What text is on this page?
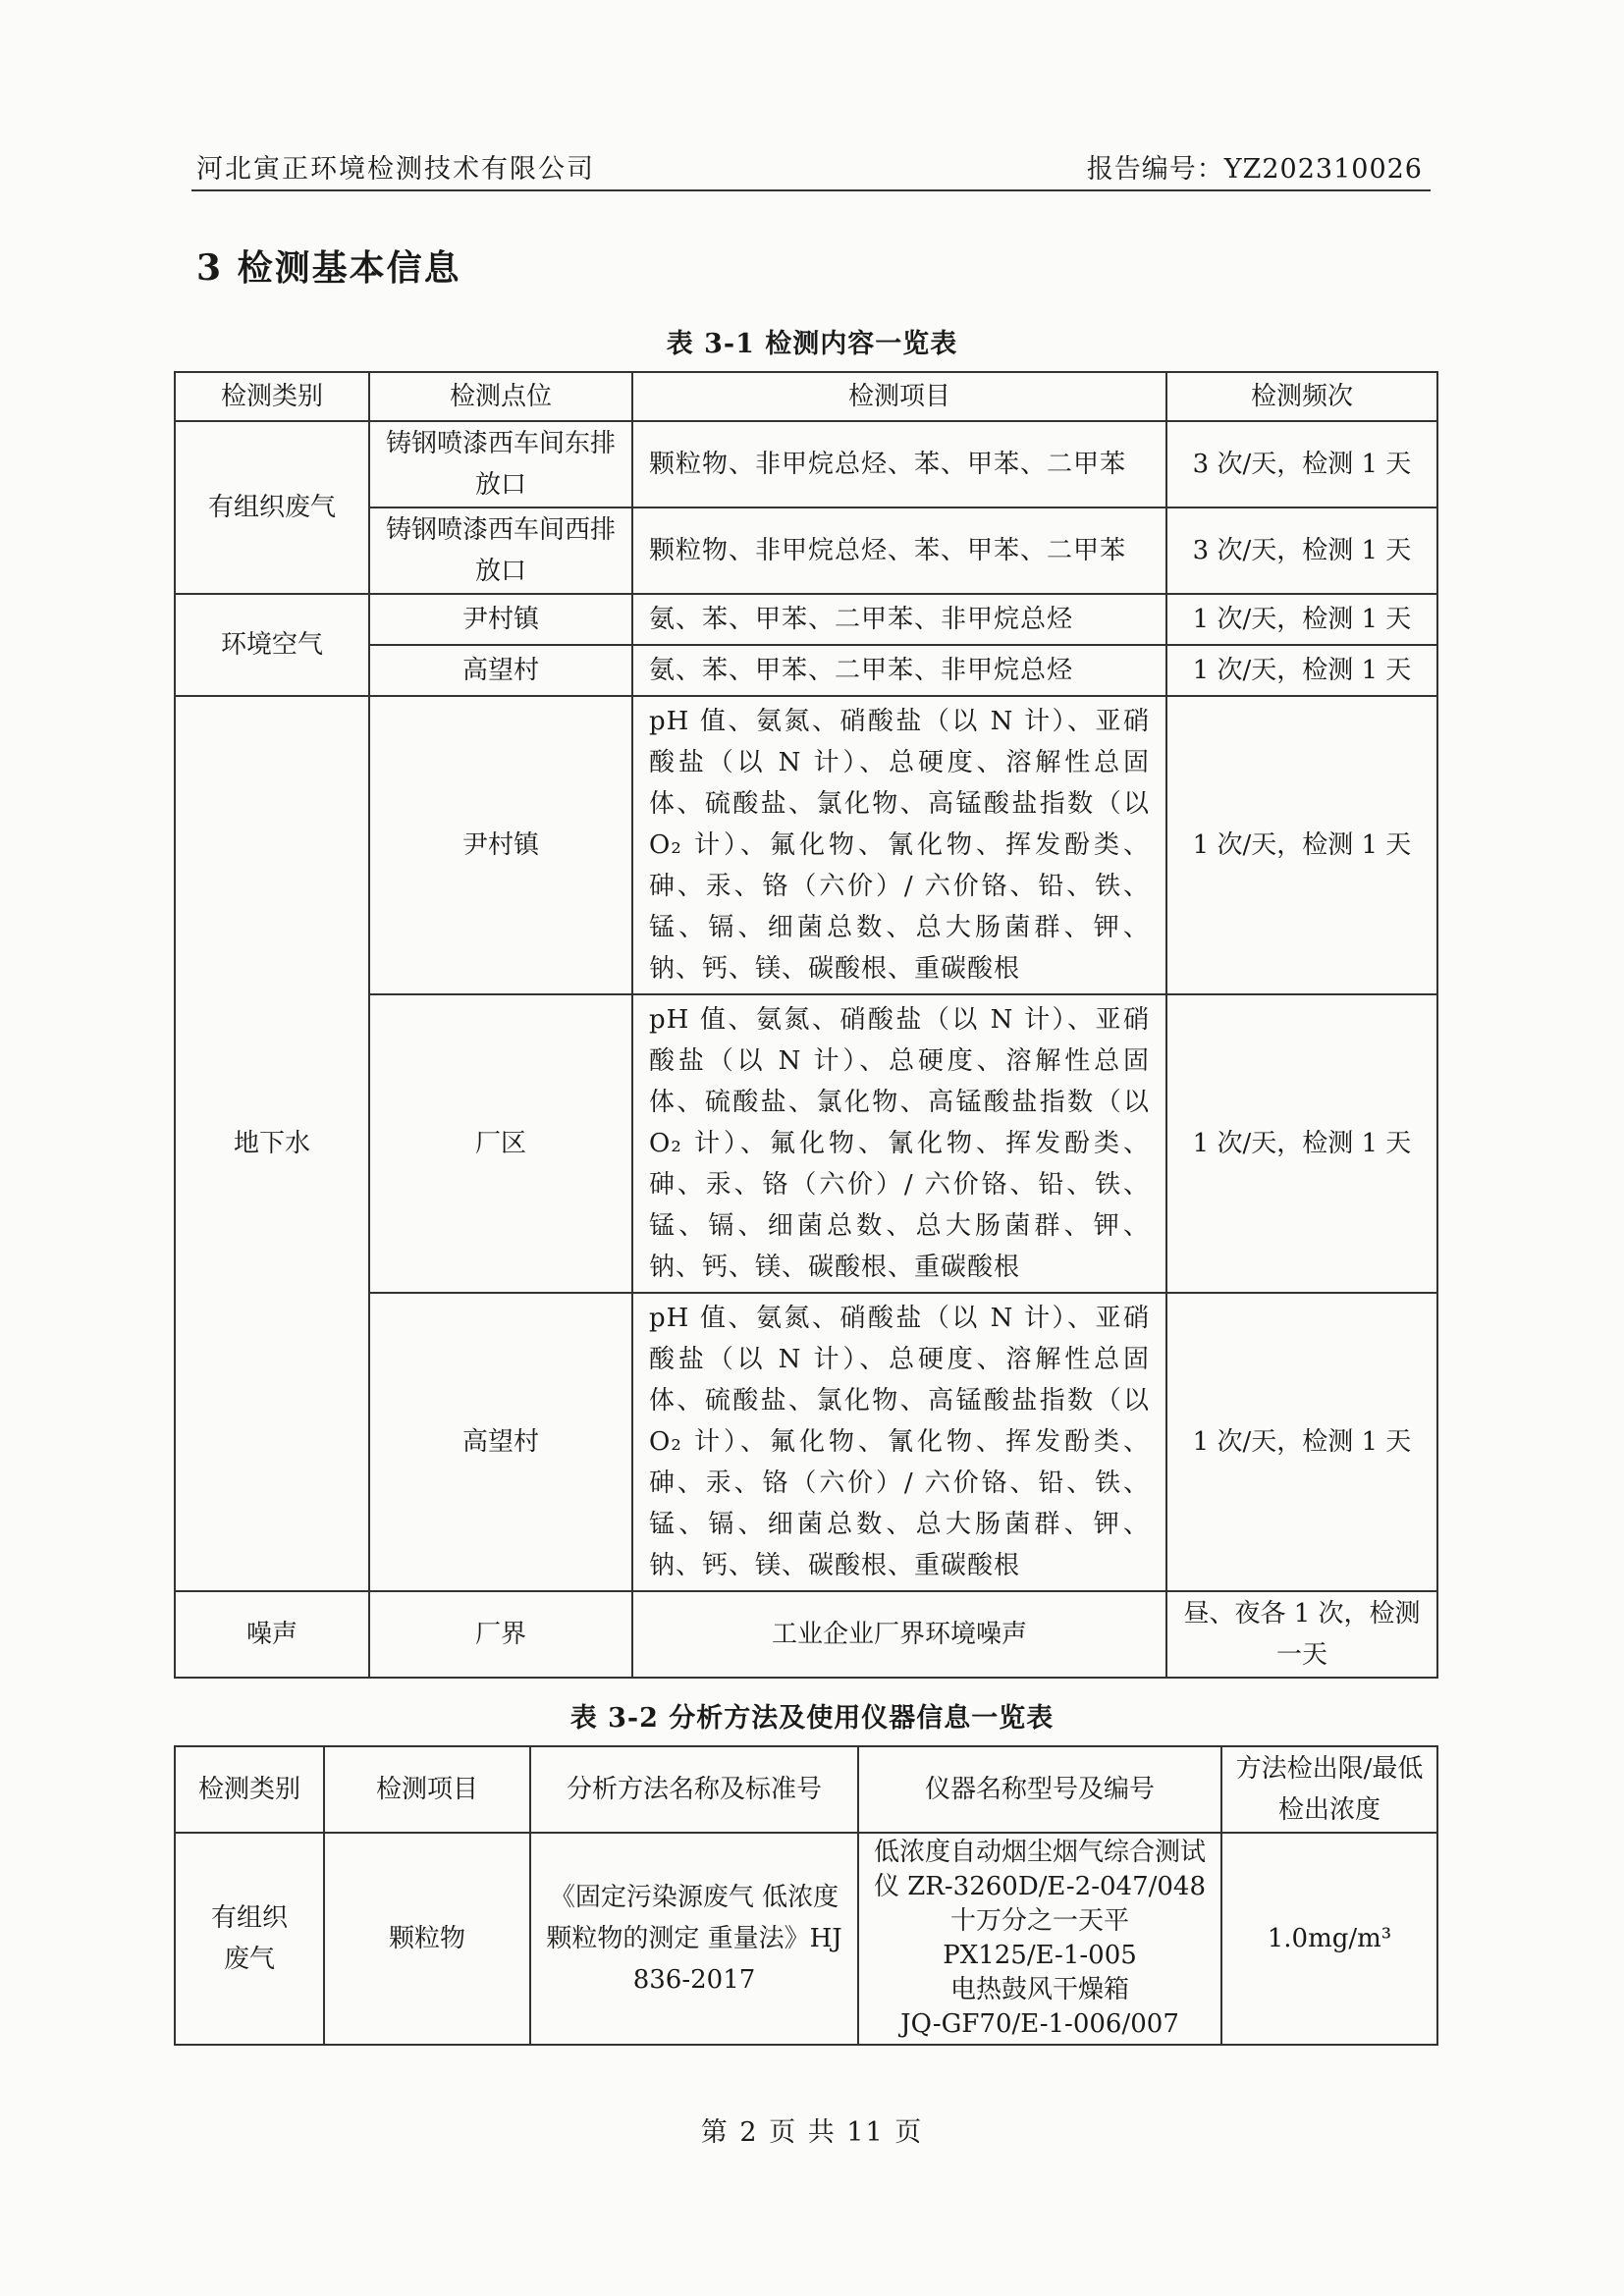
河北寅正环境检测技术有限公司	报告编号：YZ202310026
3 检测基本信息
表 3-1 检测内容一览表
检测类别	检测点位	检测项目	检测频次
有组织废气	铸钢喷漆西车间东排放口	颗粒物、非甲烷总烃、苯、甲苯、二甲苯	3 次/天，检测 1 天
	铸钢喷漆西车间西排放口	颗粒物、非甲烷总烃、苯、甲苯、二甲苯	3 次/天，检测 1 天
环境空气	尹村镇	氨、苯、甲苯、二甲苯、非甲烷总烃	1 次/天，检测 1 天
	高望村	氨、苯、甲苯、二甲苯、非甲烷总烃	1 次/天，检测 1 天
地下水	尹村镇	pH 值、氨氮、硝酸盐（以 N 计）、亚硝酸盐（以 N 计）、总硬度、溶解性总固体、硫酸盐、氯化物、高锰酸盐指数（以 O₂ 计）、氟化物、氰化物、挥发酚类、砷、汞、铬（六价）/ 六价铬、铅、铁、锰、镉、细菌总数、总大肠菌群、钾、钠、钙、镁、碳酸根、重碳酸根	1 次/天，检测 1 天
	厂区	pH 值、氨氮、硝酸盐（以 N 计）、亚硝酸盐（以 N 计）、总硬度、溶解性总固体、硫酸盐、氯化物、高锰酸盐指数（以 O₂ 计）、氟化物、氰化物、挥发酚类、砷、汞、铬（六价）/ 六价铬、铅、铁、锰、镉、细菌总数、总大肠菌群、钾、钠、钙、镁、碳酸根、重碳酸根	1 次/天，检测 1 天
	高望村	pH 值、氨氮、硝酸盐（以 N 计）、亚硝酸盐（以 N 计）、总硬度、溶解性总固体、硫酸盐、氯化物、高锰酸盐指数（以 O₂ 计）、氟化物、氰化物、挥发酚类、砷、汞、铬（六价）/ 六价铬、铅、铁、锰、镉、细菌总数、总大肠菌群、钾、钠、钙、镁、碳酸根、重碳酸根	1 次/天，检测 1 天
噪声	厂界	工业企业厂界环境噪声	昼、夜各 1 次，检测一天
表 3-2 分析方法及使用仪器信息一览表
检测类别	检测项目	分析方法名称及标准号	仪器名称型号及编号	方法检出限/最低检出浓度
有组织废气	颗粒物	《固定污染源废气 低浓度颗粒物的测定 重量法》HJ 836-2017	低浓度自动烟尘烟气综合测试仪 ZR-3260D/E-2-047/048
十万分之一天平
PX125/E-1-005
电热鼓风干燥箱
JQ-GF70/E-1-006/007	1.0mg/m³
第 2 页 共 11 页
